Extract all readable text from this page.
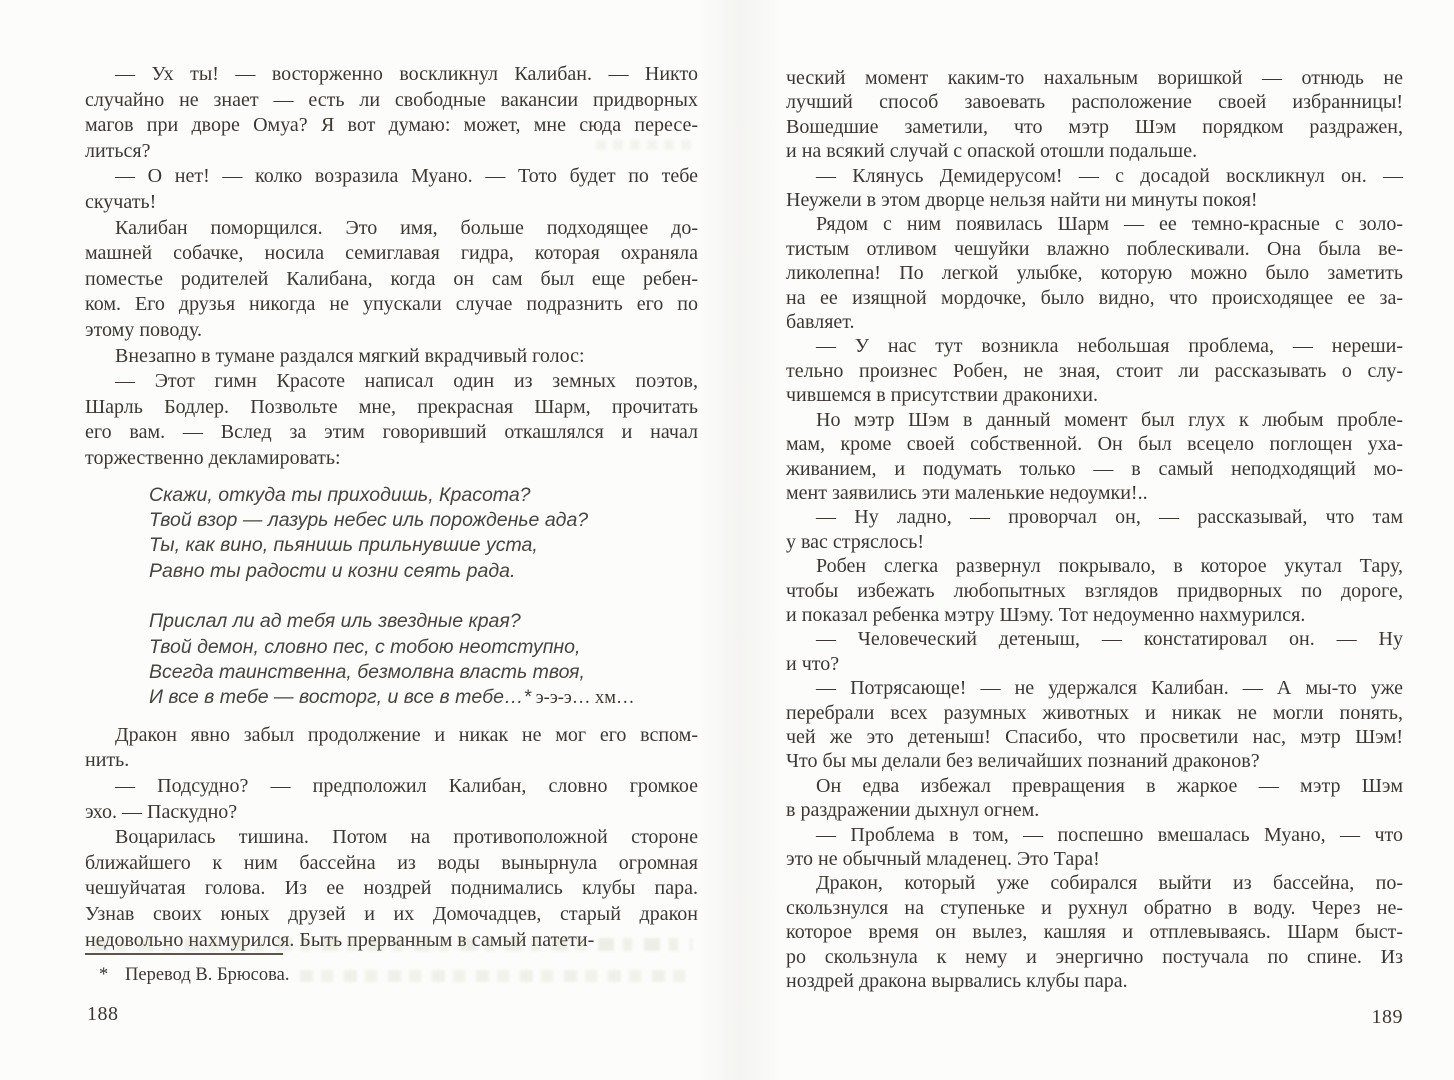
— Ух ты! — восторженно воскликнул Калибан. — Никто
случайно не знает — есть ли свободные вакансии придворных
магов при дворе Омуа? Я вот думаю: может, мне сюда пересе-
литься?
— О нет! — колко возразила Муано. — Тото будет по тебе
скучать!
Калибан поморщился. Это имя, больше подходящее до-
машней собачке, носила семиглавая гидра, которая охраняла
поместье родителей Калибана, когда он сам был еще ребен-
ком. Его друзья никогда не упускали случае подразнить его по
этому поводу.
Внезапно в тумане раздался мягкий вкрадчивый голос:
— Этот гимн Красоте написал один из земных поэтов,
Шарль Бодлер. Позвольте мне, прекрасная Шарм, прочитать
его вам. — Вслед за этим говоривший откашлялся и начал
торжественно декламировать:
Скажи, откуда ты приходишь, Красота?
Твой взор — лазурь небес иль порожденье ада?
Ты, как вино, пьянишь прильнувшие уста,
Равно ты радости и козни сеять рада.
Прислал ли ад тебя иль звездные края?
Твой демон, словно пес, с тобою неотступно,
Всегда таинственна, безмолвна власть твоя,
И все в тебе — восторг, и все в тебе…* э-э-э… хм…
Дракон явно забыл продолжение и никак не мог его вспом-
нить.
— Подсудно? — предположил Калибан, словно громкое
эхо. — Паскудно?
Воцарилась тишина. Потом на противоположной стороне
ближайшего к ним бассейна из воды вынырнула огромная
чешуйчатая голова. Из ее ноздрей поднимались клубы пара.
Узнав своих юных друзей и их Домочадцев, старый дракон
недовольно нахмурился. Быть прерванным в самый патети-
* Перевод В. Брюсова.
188	189
ческий момент каким-то нахальным воришкой — отнюдь не
лучший способ завоевать расположение своей избранницы!
Вошедшие заметили, что мэтр Шэм порядком раздражен,
и на всякий случай с опаской отошли подальше.
— Клянусь Демидерусом! — с досадой воскликнул он. —
Неужели в этом дворце нельзя найти ни минуты покоя!
Рядом с ним появилась Шарм — ее темно-красные с золо-
тистым отливом чешуйки влажно поблескивали. Она была ве-
ликолепна! По легкой улыбке, которую можно было заметить
на ее изящной мордочке, было видно, что происходящее ее за-
бавляет.
— У нас тут возникла небольшая проблема, — нереши-
тельно произнес Робен, не зная, стоит ли рассказывать о слу-
чившемся в присутствии драконихи.
Но мэтр Шэм в данный момент был глух к любым пробле-
мам, кроме своей собственной. Он был всецело поглощен уха-
живанием, и подумать только — в самый неподходящий мо-
мент заявились эти маленькие недоумки!..
— Ну ладно, — проворчал он, — рассказывай, что там
у вас стряслось!
Робен слегка развернул покрывало, в которое укутал Тару,
чтобы избежать любопытных взглядов придворных по дороге,
и показал ребенка мэтру Шэму. Тот недоуменно нахмурился.
— Человеческий детеныш, — констатировал он. — Ну
и что?
— Потрясающе! — не удержался Калибан. — А мы-то уже
перебрали всех разумных животных и никак не могли понять,
чей же это детеныш! Спасибо, что просветили нас, мэтр Шэм!
Что бы мы делали без величайших познаний драконов?
Он едва избежал превращения в жаркое — мэтр Шэм
в раздражении дыхнул огнем.
— Проблема в том, — поспешно вмешалась Муано, — что
это не обычный младенец. Это Тара!
Дракон, который уже собирался выйти из бассейна, по-
скользнулся на ступеньке и рухнул обратно в воду. Через не-
которое время он вылез, кашляя и отплевываясь. Шарм быст-
ро скользнула к нему и энергично постучала по спине. Из
ноздрей дракона вырвались клубы пара.
